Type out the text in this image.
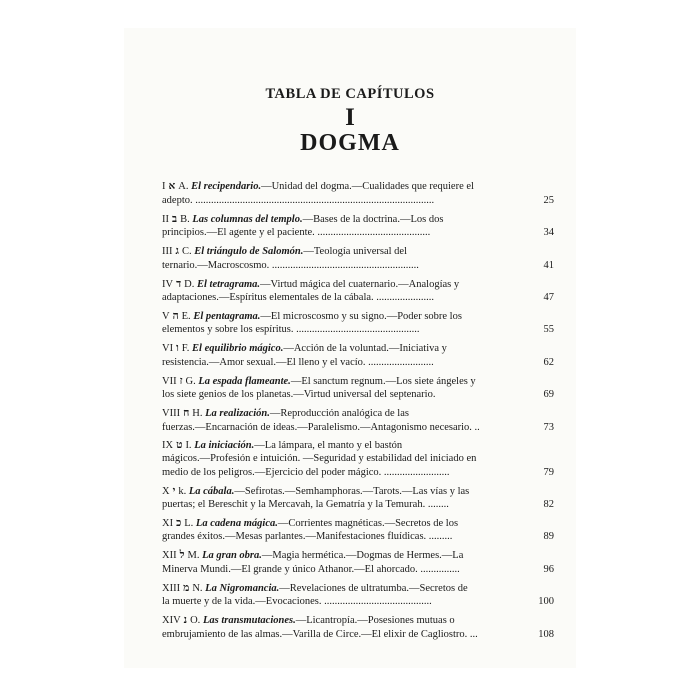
TABLA DE CAPÍTULOS
I
DOGMA
I א A. El recipendario.—Unidad del dogma.—Cualidades que requiere el
adepto. ...........................................................................................	25
II ב B. Las columnas del templo.—Bases de la doctrina.—Los dos
principios.—El agente y el paciente. ...........................................	34
III ג C. El triángulo de Salomón.—Teología universal del
ternario.—Macroscosmo. ........................................................	41
IV ד D. El tetragrama.—Virtud mágica del cuaternario.—Analogías y
adaptaciones.—Espíritus elementales de la cábala. ......................	47
V ה E. El pentagrama.—El microscosmo y su signo.—Poder sobre los
elementos y sobre los espíritus. ...............................................	55
VI ו F. El equilibrio mágico.—Acción de la voluntad.—Iniciativa y
resistencia.—Amor sexual.—El lleno y el vacío. .........................	62
VII ז G. La espada flameante.—El sanctum regnum.—Los siete ángeles y
los siete genios de los planetas.—Virtud universal del septenario.	69
VIII ח H. La realización.—Reproducción analógica de las
fuerzas.—Encarnación de ideas.—Paralelismo.—Antagonismo necesario. ..	73
IX ט I. La iniciación.—La lámpara, el manto y el bastón
mágicos.—Profesión e intuición. —Seguridad y estabilidad del iniciado en
medio de los peligros.—Ejercicio del poder mágico. .........................	79
X י k. La cábala.—Sefirotas.—Semhamphoras.—Tarots.—Las vías y las
puertas; el Bereschit y la Mercavah, la Gematría y la Temurah. ........	82
XI כ L. La cadena mágica.—Corrientes magnéticas.—Secretos de los
grandes éxitos.—Mesas parlantes.—Manifestaciones fluídicas. .........	89
XII ל M. La gran obra.—Magia hermética.—Dogmas de Hermes.—La
Minerva Mundi.—El grande y único Athanor.—El ahorcado. ...............	96
XIII מ N. La Nigromancia.—Revelaciones de ultratumba.—Secretos de
la muerte y de la vida.—Evocaciones. .........................................	100
XIV נ O. Las transmutaciones.—Licantropía.—Posesiones mutuas o
embrujamiento de las almas.—Varilla de Circe.—El elixir de Cagliostro. ...	108
